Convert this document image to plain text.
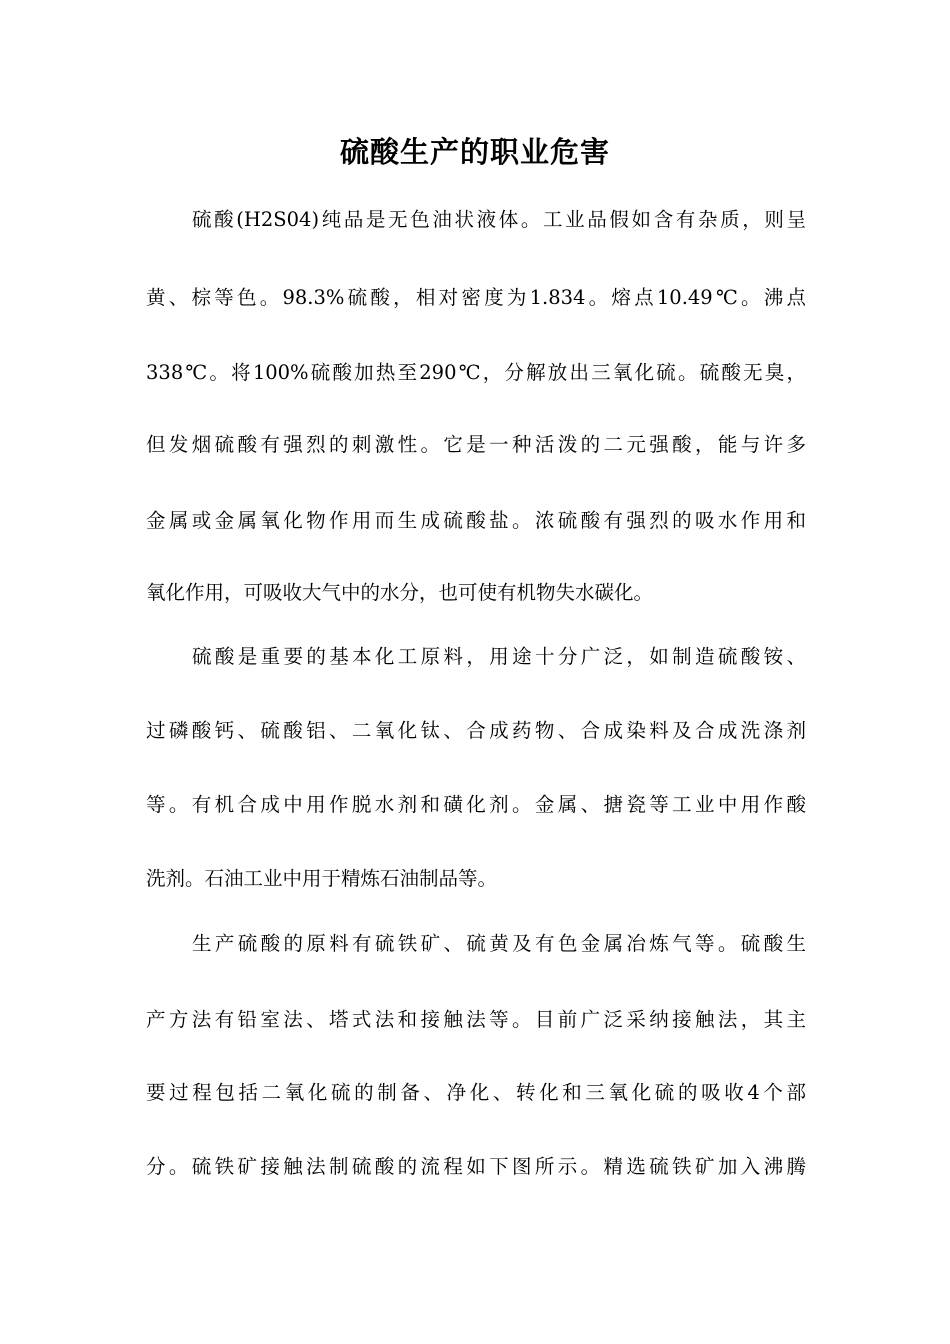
硫酸生产的职业危害
硫酸(H2S04)纯品是无色油状液体。工业品假如含有杂质，则呈
黄、棕等色。98.3%硫酸，相对密度为1.834。熔点10.49℃。沸点
338℃。将100%硫酸加热至290℃，分解放出三氧化硫。硫酸无臭，
但发烟硫酸有强烈的刺激性。它是一种活泼的二元强酸，能与许多
金属或金属氧化物作用而生成硫酸盐。浓硫酸有强烈的吸水作用和
氧化作用，可吸收大气中的水分，也可使有机物失水碳化。
硫酸是重要的基本化工原料，用途十分广泛，如制造硫酸铵、
过磷酸钙、硫酸铝、二氧化钛、合成药物、合成染料及合成洗涤剂
等。有机合成中用作脱水剂和磺化剂。金属、搪瓷等工业中用作酸
洗剂。石油工业中用于精炼石油制品等。
生产硫酸的原料有硫铁矿、硫黄及有色金属冶炼气等。硫酸生
产方法有铅室法、塔式法和接触法等。目前广泛采纳接触法，其主
要过程包括二氧化硫的制备、净化、转化和三氧化硫的吸收4个部
分。硫铁矿接触法制硫酸的流程如下图所示。精选硫铁矿加入沸腾
